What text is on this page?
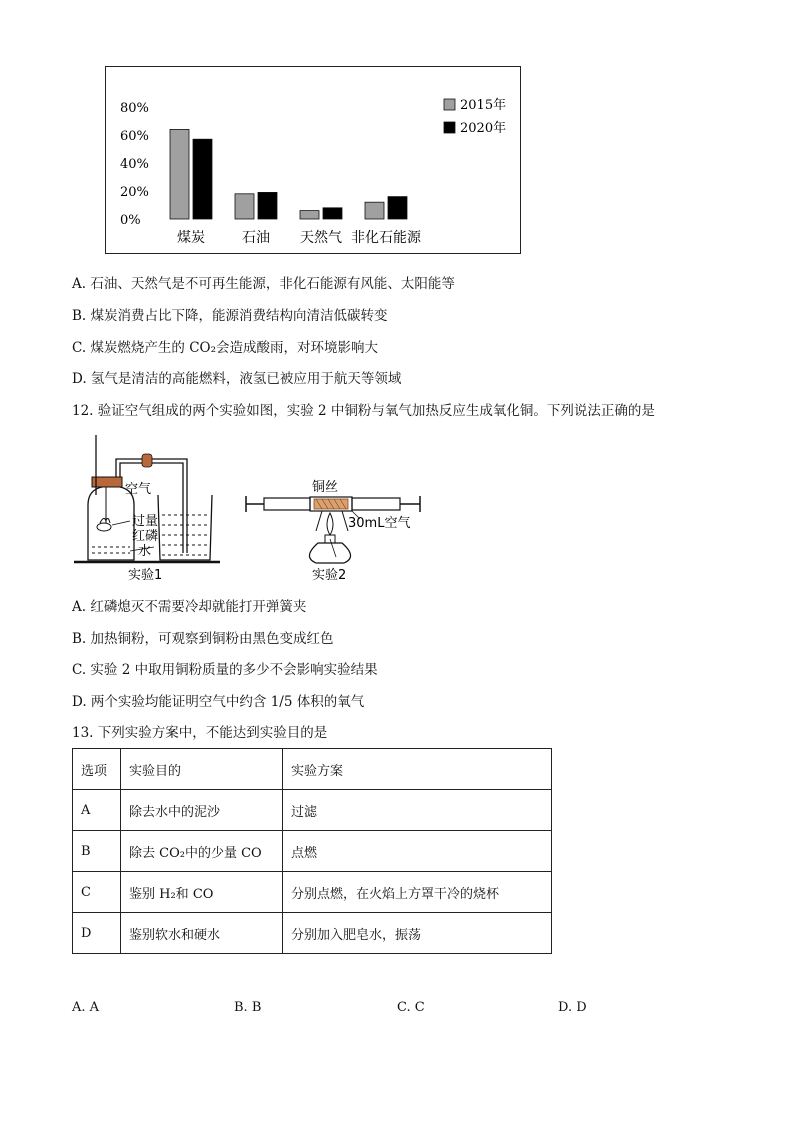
80%
60%
40%
20%
0%
煤炭	石油 天然气 非化石能源
2015年
2020年
A. 石油、天然气是不可再生能源，非化石能源有风能、太阳能等
B. 煤炭消费占比下降，能源消费结构向清洁低碳转变
C. 煤炭燃烧产生的 CO₂会造成酸雨，对环境影响大
D. 氢气是清洁的高能燃料，液氢已被应用于航天等领域
12. 验证空气组成的两个实验如图，实验 2 中铜粉与氧气加热反应生成氧化铜。下列说法正确的是
空气
过量
红磷
水
实验1
铜丝
30mL空气
实验2
A. 红磷熄灭不需要冷却就能打开弹簧夹
B. 加热铜粉，可观察到铜粉由黑色变成红色
C. 实验 2 中取用铜粉质量的多少不会影响实验结果
D. 两个实验均能证明空气中约含 1/5 体积的氧气
13. 下列实验方案中，不能达到实验目的是
选项	实验目的	实验方案
A	除去水中的泥沙	过滤
B	除去 CO₂中的少量 CO	点燃
C	鉴别 H₂和 CO	分别点燃，在火焰上方罩干冷的烧杯
D	鉴别软水和硬水	分别加入肥皂水，振荡
A. A	B. B	C. C	D. D
